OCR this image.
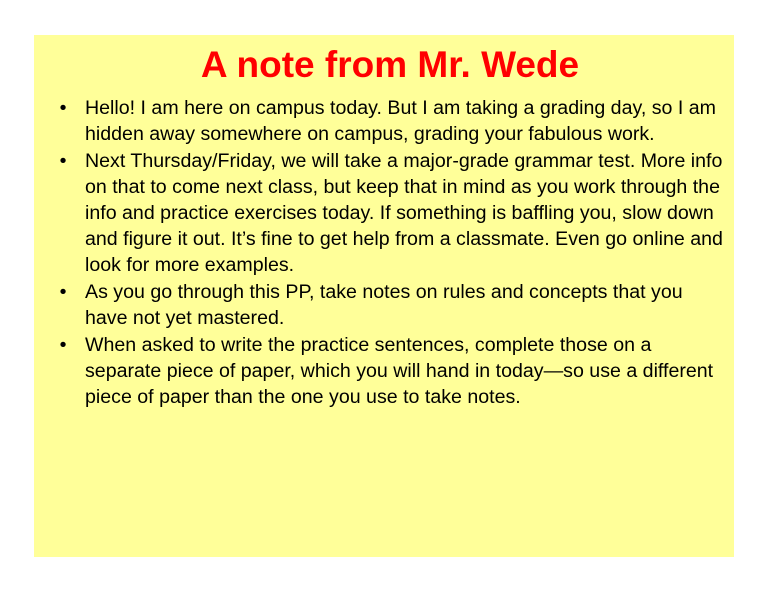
A note from Mr. Wede
• Hello! I am here on campus today. But I am taking a grading day, so I am hidden away somewhere on campus, grading your fabulous work.
• Next Thursday/Friday, we will take a major-grade grammar test. More info on that to come next class, but keep that in mind as you work through the info and practice exercises today. If something is baffling you, slow down and figure it out. It’s fine to get help from a classmate. Even go online and look for more examples.
• As you go through this PP, take notes on rules and concepts that you have not yet mastered.
• When asked to write the practice sentences, complete those on a separate piece of paper, which you will hand in today—so use a different piece of paper than the one you use to take notes.
